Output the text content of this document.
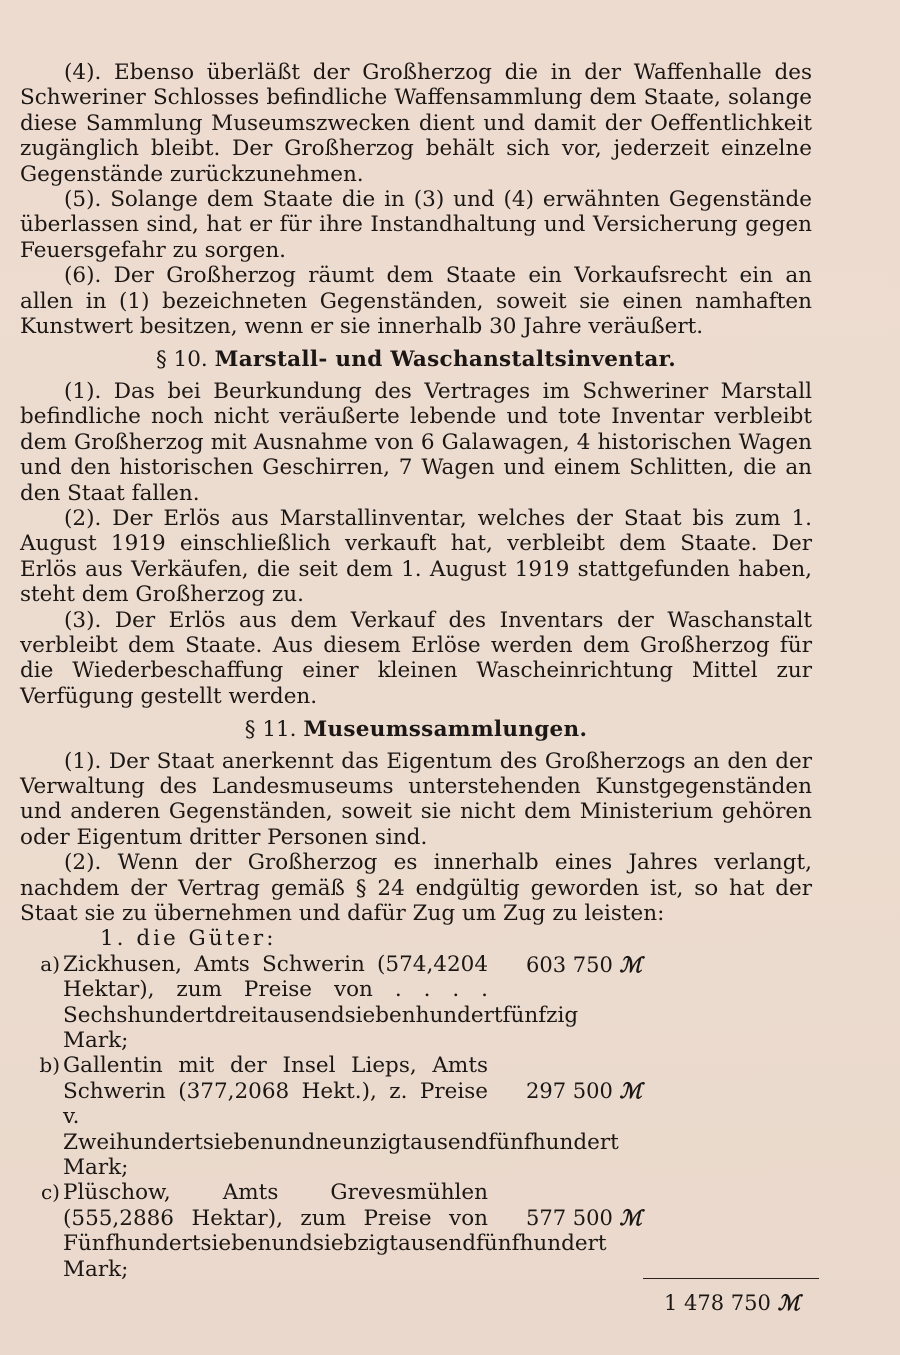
(4). Ebenso überläßt der Großherzog die in der Waffenhalle des Schweriner Schlosses befindliche Waffensammlung dem Staate, solange diese Sammlung Museumszwecken dient und damit der Oeffentlichkeit zugänglich bleibt. Der Großherzog behält sich vor, jederzeit einzelne Gegenstände zurückzunehmen.

(5). Solange dem Staate die in (3) und (4) erwähnten Gegenstände überlassen sind, hat er für ihre Instandhaltung und Versicherung gegen Feuersgefahr zu sorgen.

(6). Der Großherzog räumt dem Staate ein Vorkaufsrecht ein an allen in (1) bezeichneten Gegenständen, soweit sie einen namhaften Kunstwert besitzen, wenn er sie innerhalb 30 Jahre veräußert.

§ 10. Marstall- und Waschanstaltsinventar.

(1). Das bei Beurkundung des Vertrages im Schweriner Marstall befindliche noch nicht veräußerte lebende und tote Inventar verbleibt dem Großherzog mit Ausnahme von 6 Galawagen, 4 historischen Wagen und den historischen Geschirren, 7 Wagen und einem Schlitten, die an den Staat fallen.

(2). Der Erlös aus Marstallinventar, welches der Staat bis zum 1. August 1919 einschließlich verkauft hat, verbleibt dem Staate. Der Erlös aus Verkäufen, die seit dem 1. August 1919 stattgefunden haben, steht dem Großherzog zu.

(3). Der Erlös aus dem Verkauf des Inventars der Waschanstalt verbleibt dem Staate. Aus diesem Erlöse werden dem Großherzog für die Wiederbeschaffung einer kleinen Wascheinrichtung Mittel zur Verfügung gestellt werden.

§ 11. Museumssammlungen.

(1). Der Staat anerkennt das Eigentum des Großherzogs an den der Verwaltung des Landesmuseums unterstehenden Kunstgegenständen und anderen Gegenständen, soweit sie nicht dem Ministerium gehören oder Eigentum dritter Personen sind.

(2). Wenn der Großherzog es innerhalb eines Jahres verlangt, nachdem der Vertrag gemäß § 24 endgültig geworden ist, so hat der Staat sie zu übernehmen und dafür Zug um Zug zu leisten:

1. die Güter:
a) Zickhusen, Amts Schwerin (574,4204 Hektar), zum Preise von . . . . Sechshundertdreitausendsiebenhundertfünfzig Mark;
603 750 ℳ
b) Gallentin mit der Insel Lieps, Amts Schwerin (377,2068 Hekt.), z. Preise v. Zweihundertsiebenundneunzigtausendfünfhundert Mark;
297 500 ℳ
c) Plüschow, Amts Grevesmühlen (555,2886 Hektar), zum Preise von Fünfhundertsiebenundsiebzigtausendfünfhundert Mark;
577 500 ℳ
1 478 750 ℳ
